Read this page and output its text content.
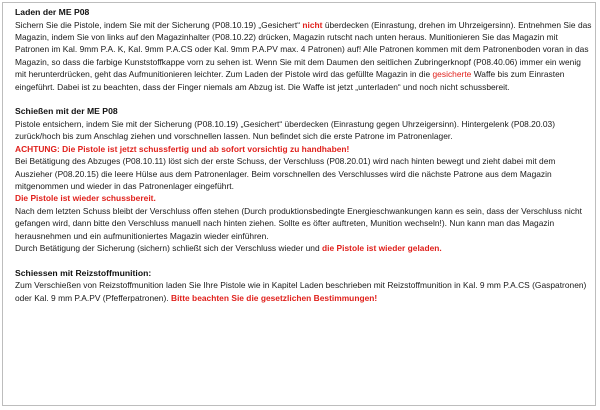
Laden der ME P08

Sichern Sie die Pistole, indem Sie mit der Sicherung (P08.10.19) „Gesichert“ nicht überdecken (Einrastung, drehen im Uhrzeigersinn). Entnehmen Sie das Magazin, indem Sie von links auf den Magazinhalter (P08.10.22) drücken, Magazin rutscht nach unten heraus. Munitionieren Sie das Magazin mit Patronen im Kal. 9mm P.A. K, Kal. 9mm P.A.CS oder Kal. 9mm P.A.PV max. 4 Patronen) auf! Alle Patronen kommen mit dem Patronenboden voran in das Magazin, so dass die farbige Kunststoffkappe vorn zu sehen ist. Wenn Sie mit dem Daumen den seitlichen Zubringerknopf (P08.40.06) immer ein wenig mit herunterdrücken, geht das Aufmunitionieren leichter. Zum Laden der Pistole wird das gefüllte Magazin in die gesicherte Waffe bis zum Einrasten eingeführt. Dabei ist zu beachten, dass der Finger niemals am Abzug ist. Die Waffe ist jetzt „unterladen“ und noch nicht schussbereit.

Schießen mit der ME P08

Pistole entsichern, indem Sie mit der Sicherung (P08.10.19) „Gesichert“ überdecken (Einrastung gegen Uhrzeigersinn). Hintergelenk (P08.20.03) zurück/hoch bis zum Anschlag ziehen und vorschnellen lassen. Nun befindet sich die erste Patrone im Patronenlager.

ACHTUNG: Die Pistole ist jetzt schussfertig und ab sofort vorsichtig zu handhaben!

Bei Betätigung des Abzuges (P08.10.11) löst sich der erste Schuss, der Verschluss (P08.20.01) wird nach hinten bewegt und zieht dabei mit dem Auszieher (P08.20.15) die leere Hülse aus dem Patronenlager. Beim vorschnellen des Verschlusses wird die nächste Patrone aus dem Magazin mitgenommen und wieder in das Patronenlager eingeführt.

Die Pistole ist wieder schussbereit.

Nach dem letzten Schuss bleibt der Verschluss offen stehen (Durch produktionsbedingte Energieschwankungen kann es sein, dass der Verschluss nicht gefangen wird, dann bitte den Verschluss manuell nach hinten ziehen. Sollte es öfter auftreten, Munition wechseln!). Nun kann man das Magazin herausnehmen und ein aufmunitioniertes Magazin wieder einführen.

Durch Betätigung der Sicherung (sichern) schließt sich der Verschluss wieder und die Pistole ist wieder geladen.

Schiessen mit Reizstoffmunition:

Zum Verschießen von Reizstoffmunition laden Sie Ihre Pistole wie in Kapitel Laden beschrieben mit Reizstoffmunition in Kal. 9 mm P.A.CS (Gaspatronen) oder Kal. 9 mm P.A.PV (Pfefferpatronen). Bitte beachten Sie die gesetzlichen Bestimmungen!
